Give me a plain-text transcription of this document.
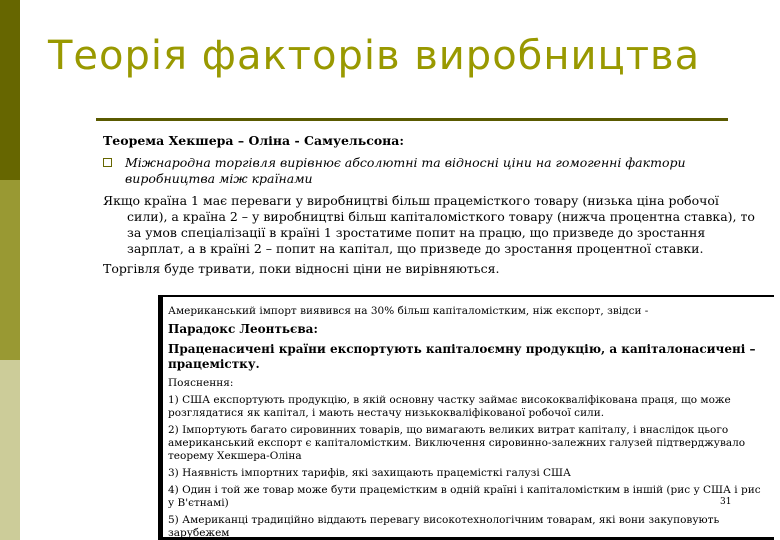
Теорія факторів виробництва

Теорема Хекшера – Оліна - Самуельсона:

Міжнародна торгівля вирівнює абсолютні та відносні ціни на гомогенні фактори виробництва між країнами

Якщо країна 1 має переваги у виробництві більш працемісткого товару (низька ціна робочої сили), а країна 2 – у виробництві більш капіталомісткого товару (нижча процентна ставка), то за умов спеціалізації в країні 1 зростатиме попит на працю, що призведе до зростання зарплат, а в країні 2 – попит на капітал, що призведе до зростання процентної ставки.

Торгівля буде тривати, поки відносні ціни не вирівняються.

Американський імпорт виявився на 30% більш капіталомістким, ніж експорт, звідси -

Парадокс Леонтьєва:

Праценасичені країни експортують капіталоємну продукцію, а капіталонасичені – працемістку.

Пояснення:

1) США експортують продукцію, в якій основну частку займає висококваліфікована праця, що може розглядатися як капітал, і мають нестачу низькокваліфікованої робочої сили.

2) Імпортують багато сировинних товарів, що вимагають великих витрат капіталу, і внаслідок цього американський експорт є капіталомістким. Виключення сировинно-залежних галузей підтверджувало теорему Хекшера-Оліна

3) Наявність імпортних тарифів, які захищають працемісткі галузі США

4) Один і той же товар може бути працемістким в одній країні і капіталомістким в іншій (рис у США і рис у В'єтнамі)

5) Американці традиційно віддають перевагу високотехнологічним товарам, які вони закуповують зарубежем

31
